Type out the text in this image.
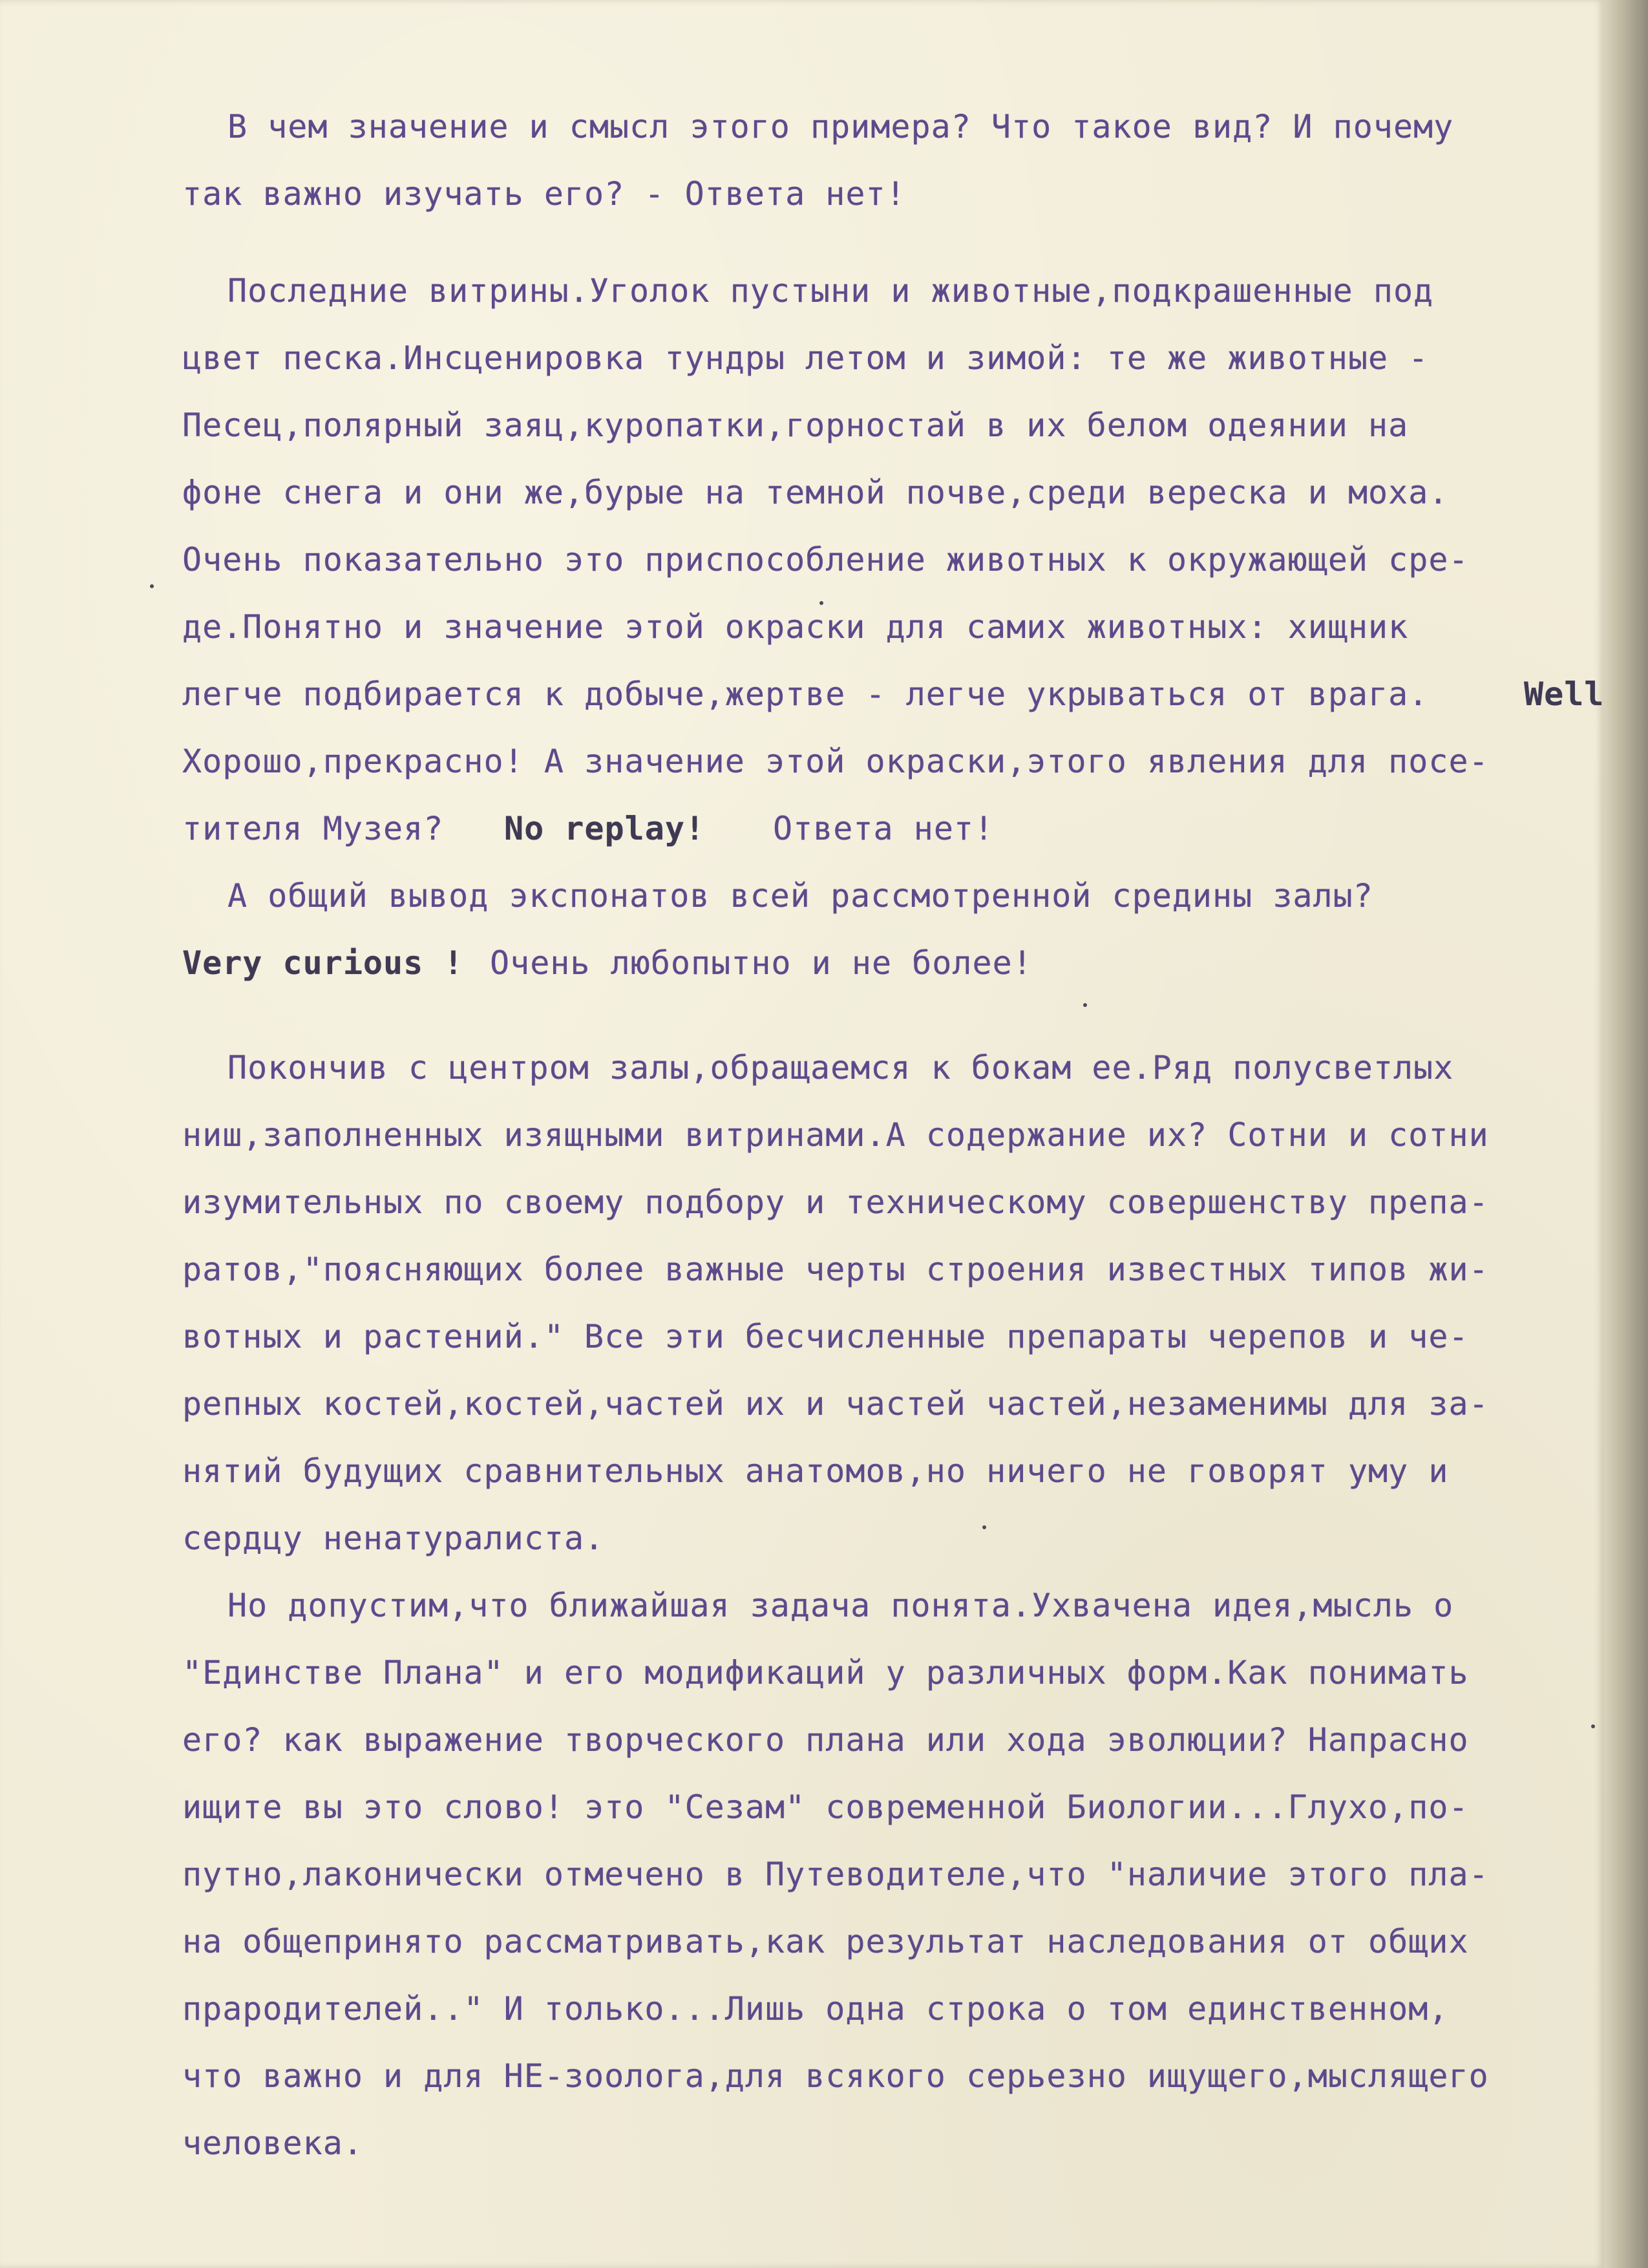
В чем значение и смысл этого примера? Что такое вид? И почему
так важно изучать его? - Ответа нет!
Последние витрины.Уголок пустыни и животные,подкрашенные под
цвет песка.Инсценировка тундры летом и зимой: те же животные -
Песец,полярный заяц,куропатки,горностай в их белом одеянии на
фоне снега и они же,бурые на темной почве,среди вереска и моха.
Очень показательно это приспособление животных к окружающей сре-
де.Понятно и значение этой окраски для самих животных: хищник
легче подбирается к добыче,жертве - легче укрываться от врага.	Well
Хорошо,прекрасно! А значение этой окраски,этого явления для посе-
тителя Музея? No replay! Ответа нет!
А общий вывод экспонатов всей рассмотренной средины залы?
Very curious ! Очень любопытно и не более!
Покончив с центром залы,обращаемся к бокам ее.Ряд полусветлых
ниш,заполненных изящными витринами.А содержание их? Сотни и сотни
изумительных по своему подбору и техническому совершенству препа-
ратов,"поясняющих более важные черты строения известных типов жи-
вотных и растений." Все эти бесчисленные препараты черепов и че-
репных костей,костей,частей их и частей частей,незаменимы для за-
нятий будущих сравнительных анатомов,но ничего не говорят уму и
сердцу ненатуралиста.
Но допустим,что ближайшая задача понята.Ухвачена идея,мысль о
"Единстве Плана" и его модификаций у различных форм.Как понимать
его? как выражение творческого плана или хода эволюции? Напрасно
ищите вы это слово! это "Сезам" современной Биологии...Глухо,по-
путно,лаконически отмечено в Путеводителе,что "наличие этого пла-
на общепринято рассматривать,как результат наследования от общих
прародителей.." И только...Лишь одна строка о том единственном,
что важно и для НЕ-зоолога,для всякого серьезно ищущего,мыслящего
человека.
